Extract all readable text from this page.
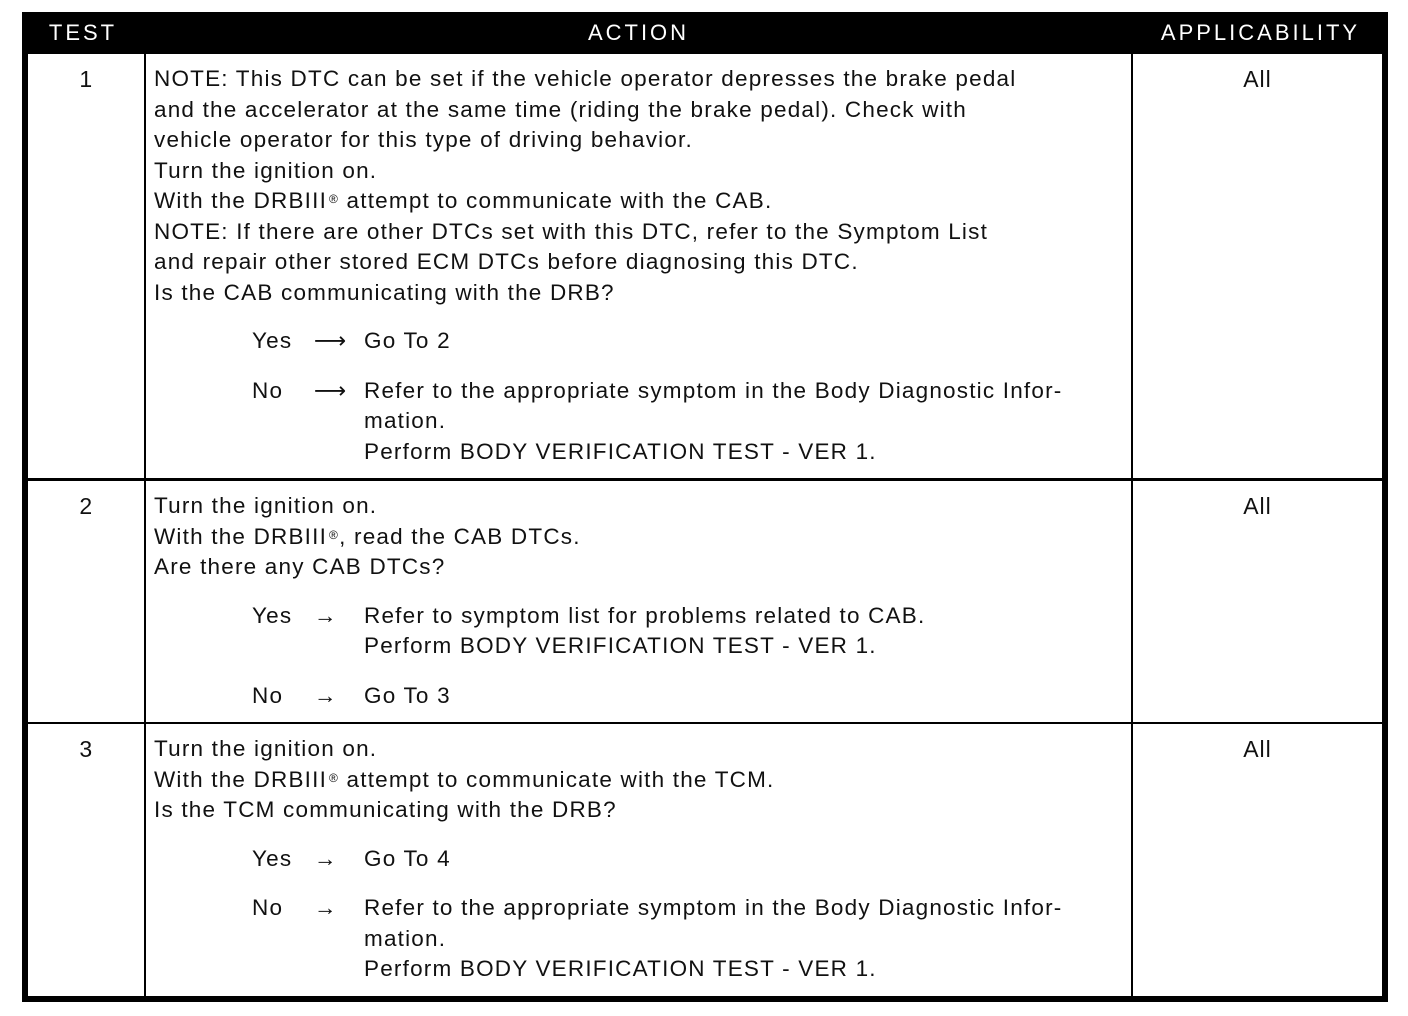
TEST	ACTION	APPLICABILITY
1	NOTE: This DTC can be set if the vehicle operator depresses the brake pedal
and the accelerator at the same time (riding the brake pedal). Check with
vehicle operator for this type of driving behavior.
Turn the ignition on.
With the DRBIII ® attempt to communicate with the CAB.
NOTE: If there are other DTCs set with this DTC, refer to the Symptom List
and repair other stored ECM DTCs before diagnosing this DTC.
Is the CAB communicating with the DRB?
Yes ⟶ Go To 2
No	⟶ Refer to the appropriate symptom in the Body Diagnostic Infor-
mation.
Perform BODY VERIFICATION TEST - VER 1.
All
2	Turn the ignition on.
With the DRBIII ®, read the CAB DTCs.
Are there any CAB DTCs?
Yes →	Refer to symptom list for problems related to CAB.
Perform BODY VERIFICATION TEST - VER 1.
No	→	Go To 3
All
3	Turn the ignition on.
With the DRBIII ® attempt to communicate with the TCM.
Is the TCM communicating with the DRB?
Yes →	Go To 4
No	→	Refer to the appropriate symptom in the Body Diagnostic Infor-
mation.
Perform BODY VERIFICATION TEST - VER 1.
All
